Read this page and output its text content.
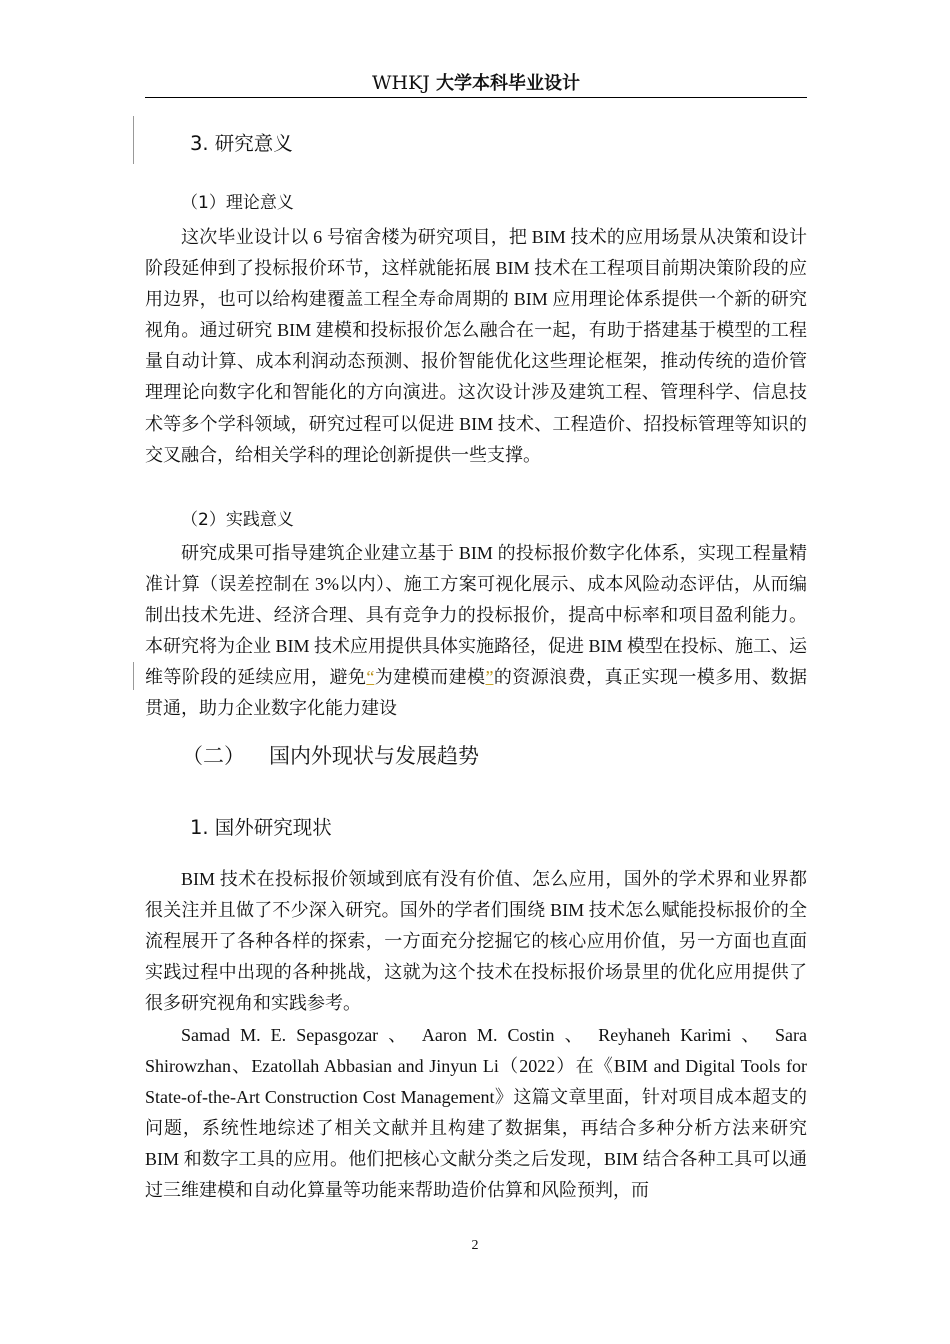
WHKJ 大学本科毕业设计
3. 研究意义
（1）理论意义

这次毕业设计以 6 号宿舍楼为研究项目，把 BIM 技术的应用场景从决策和设计阶段延伸到了投标报价环节，这样就能拓展 BIM 技术在工程项目前期决策阶段的应用边界，也可以给构建覆盖工程全寿命周期的 BIM 应用理论体系提供一个新的研究视角。通过研究 BIM 建模和投标报价怎么融合在一起，有助于搭建基于模型的工程量自动计算、成本利润动态预测、报价智能优化这些理论框架，推动传统的造价管理理论向数字化和智能化的方向演进。这次设计涉及建筑工程、管理科学、信息技术等多个学科领域，研究过程可以促进 BIM 技术、工程造价、招投标管理等知识的交叉融合，给相关学科的理论创新提供一些支撑。

（2）实践意义

研究成果可指导建筑企业建立基于 BIM 的投标报价数字化体系，实现工程量精准计算（误差控制在 3%以内）、施工方案可视化展示、成本风险动态评估，从而编制出技术先进、经济合理、具有竞争力的投标报价，提高中标率和项目盈利能力。本研究将为企业 BIM 技术应用提供具体实施路径，促进 BIM 模型在投标、施工、运维等阶段的延续应用，避免“为建模而建模”的资源浪费，真正实现一模多用、数据贯通，助力企业数字化能力建设

（二） 国内外现状与发展趋势
1. 国外研究现状

BIM 技术在投标报价领域到底有没有价值、怎么应用，国外的学术界和业界都很关注并且做了不少深入研究。国外的学者们围绕 BIM 技术怎么赋能投标报价的全流程展开了各种各样的探索，一方面充分挖掘它的核心应用价值，另一方面也直面实践过程中出现的各种挑战，这就为这个技术在投标报价场景里的优化应用提供了很多研究视角和实践参考。

Samad M. E. Sepasgozar 、 Aaron M. Costin 、 Reyhaneh Karimi 、 Sara Shirowzhan、Ezatollah Abbasian and Jinyun Li（2022）在《BIM and Digital Tools for State-of-the-Art Construction Cost Management》这篇文章里面，针对项目成本超支的问题，系统性地综述了相关文献并且构建了数据集，再结合多种分析方法来研究 BIM 和数字工具的应用。他们把核心文献分类之后发现，BIM 结合各种工具可以通过三维建模和自动化算量等功能来帮助造价估算和风险预判，而

2
